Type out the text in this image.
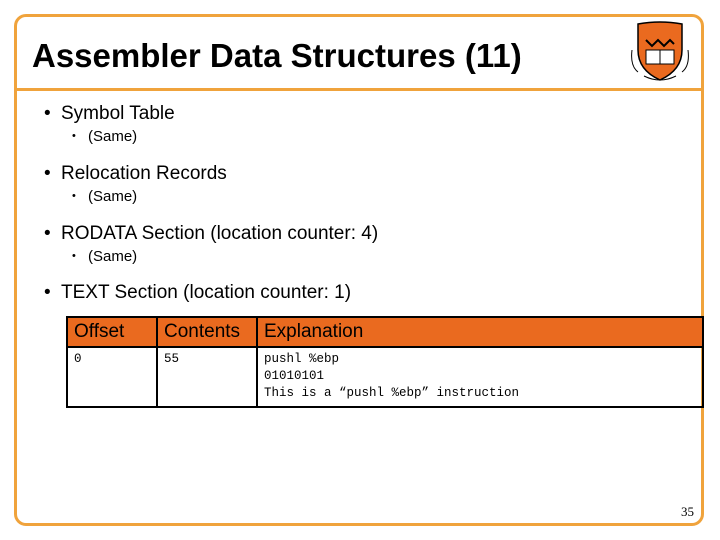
Assembler Data Structures (11)
• Symbol Table
• (Same)
• Relocation Records
• (Same)
• RODATA Section (location counter: 4)
• (Same)
• TEXT Section (location counter: 1)
Offset	Contents	Explanation
0	55	pushl %ebp
01010101
This is a “pushl %ebp” instruction
35
